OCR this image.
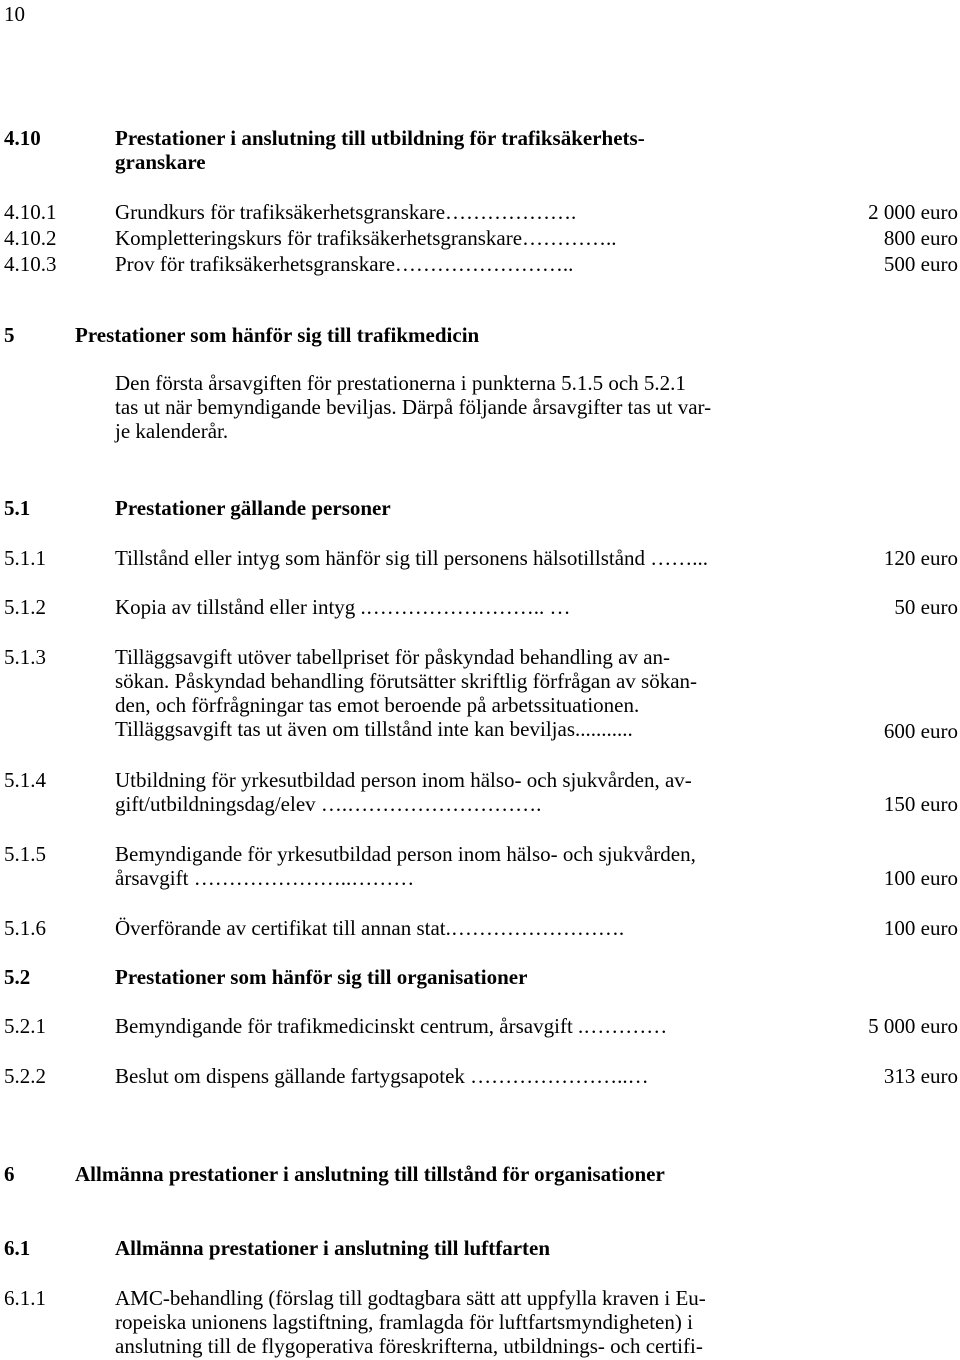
10
4.10	Prestationer i anslutning till utbildning för trafiksäkerhets-
granskare
4.10.1	Grundkurs för trafiksäkerhetsgranskare……………….	2 000 euro
4.10.2	Kompletteringskurs för trafiksäkerhetsgranskare…………..	800 euro
4.10.3	Prov för trafiksäkerhetsgranskare……………………..	500 euro
5	Prestationer som hänför sig till trafikmedicin
Den första årsavgiften för prestationerna i punkterna 5.1.5 och 5.2.1
tas ut när bemyndigande beviljas. Därpå följande årsavgifter tas ut var-
je kalenderår.
5.1	Prestationer gällande personer
5.1.1	Tillstånd eller intyg som hänför sig till personens hälsotillstånd ……...	120 euro
5.1.2	Kopia av tillstånd eller intyg .…………………….. …	50 euro
5.1.3	Tilläggsavgift utöver tabellpriset för påskyndad behandling av an-
sökan. Påskyndad behandling förutsätter skriftlig förfrågan av sökan-
den, och förfrågningar tas emot beroende på arbetssituationen.
Tilläggsavgift tas ut även om tillstånd inte kan beviljas...........	600 euro
5.1.4	Utbildning för yrkesutbildad person inom hälso- och sjukvården, av-
gift/utbildningsdag/elev ….……………………….	150 euro
5.1.5	Bemyndigande för yrkesutbildad person inom hälso- och sjukvården,
årsavgift …………………..………	100 euro
5.1.6	Överförande av certifikat till annan stat.…………………….	100 euro
5.2	Prestationer som hänför sig till organisationer
5.2.1	Bemyndigande för trafikmedicinskt centrum, årsavgift .…………	5 000 euro
5.2.2	Beslut om dispens gällande fartygsapotek …………………..…	313 euro
6	Allmänna prestationer i anslutning till tillstånd för organisationer
6.1	Allmänna prestationer i anslutning till luftfarten
6.1.1	AMC-behandling (förslag till godtagbara sätt att uppfylla kraven i Eu-
ropeiska unionens lagstiftning, framlagda för luftfartsmyndigheten) i
anslutning till de flygoperativa föreskrifterna, utbildnings- och certifi-
